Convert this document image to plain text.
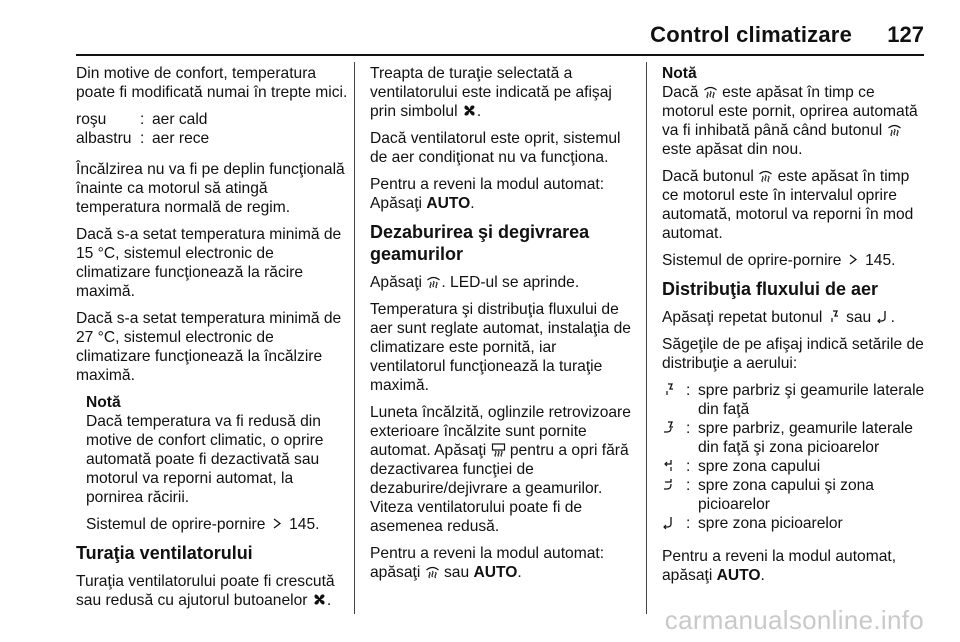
Control climatizare 127

Din motive de confort, temperatura poate fi modificată numai în trepte mici.

roşu	: aer cald
albastru : aer rece

Încălzirea nu va fi pe deplin funcţională înainte ca motorul să atingă temperatura normală de regim.

Dacă s-a setat temperatura minimă de 15 °C, sistemul electronic de climatizare funcţionează la răcire maximă.

Dacă s-a setat temperatura minimă de 27 °C, sistemul electronic de climatizare funcţionează la încălzire maximă.

Notă

Dacă temperatura va fi redusă din motive de confort climatic, o oprire automată poate fi dezactivată sau motorul va reporni automat, la pornirea răcirii.

Sistemul de oprire-pornire 145.

Turaţia ventilatorului

Turaţia ventilatorului poate fi crescută sau redusă cu ajutorul butoanelor .

Treapta de turaţie selectată a ventilatorului este indicată pe afişaj prin simbolul .

Dacă ventilatorul este oprit, sistemul de aer condiţionat nu va funcţiona.

Pentru a reveni la modul automat: Apăsaţi AUTO.

Dezaburirea şi degivrarea geamurilor

Apăsaţi . LED-ul se aprinde.

Temperatura şi distribuţia fluxului de aer sunt reglate automat, instalaţia de climatizare este pornită, iar ventilatorul funcţionează la turaţie maximă.

Luneta încălzită, oglinzile retrovizoare exterioare încălzite sunt pornite automat. Apăsaţi pentru a opri fără dezactivarea funcţiei de dezaburire/dejivrare a geamurilor. Viteza ventilatorului poate fi de asemenea redusă.

Pentru a reveni la modul automat: apăsaţi sau AUTO.

Notă

Dacă este apăsat în timp ce motorul este pornit, oprirea automată va fi inhibată până când butonul
este apăsat din nou.

Dacă butonul este apăsat în timp ce motorul este în intervalul oprire automată, motorul va reporni în mod automat.

Sistemul de oprire-pornire 145.

Distribuţia fluxului de aer

Apăsaţi repetat butonul sau .

Săgeţile de pe afişaj indică setările de distribuţie a aerului:

: spre parbriz şi geamurile laterale din faţă
: spre parbriz, geamurile laterale din faţă şi zona picioarelor
: spre zona capului
: spre zona capului şi zona picioarelor
: spre zona picioarelor

Pentru a reveni la modul automat, apăsaţi AUTO.

carmanualsonline.info
